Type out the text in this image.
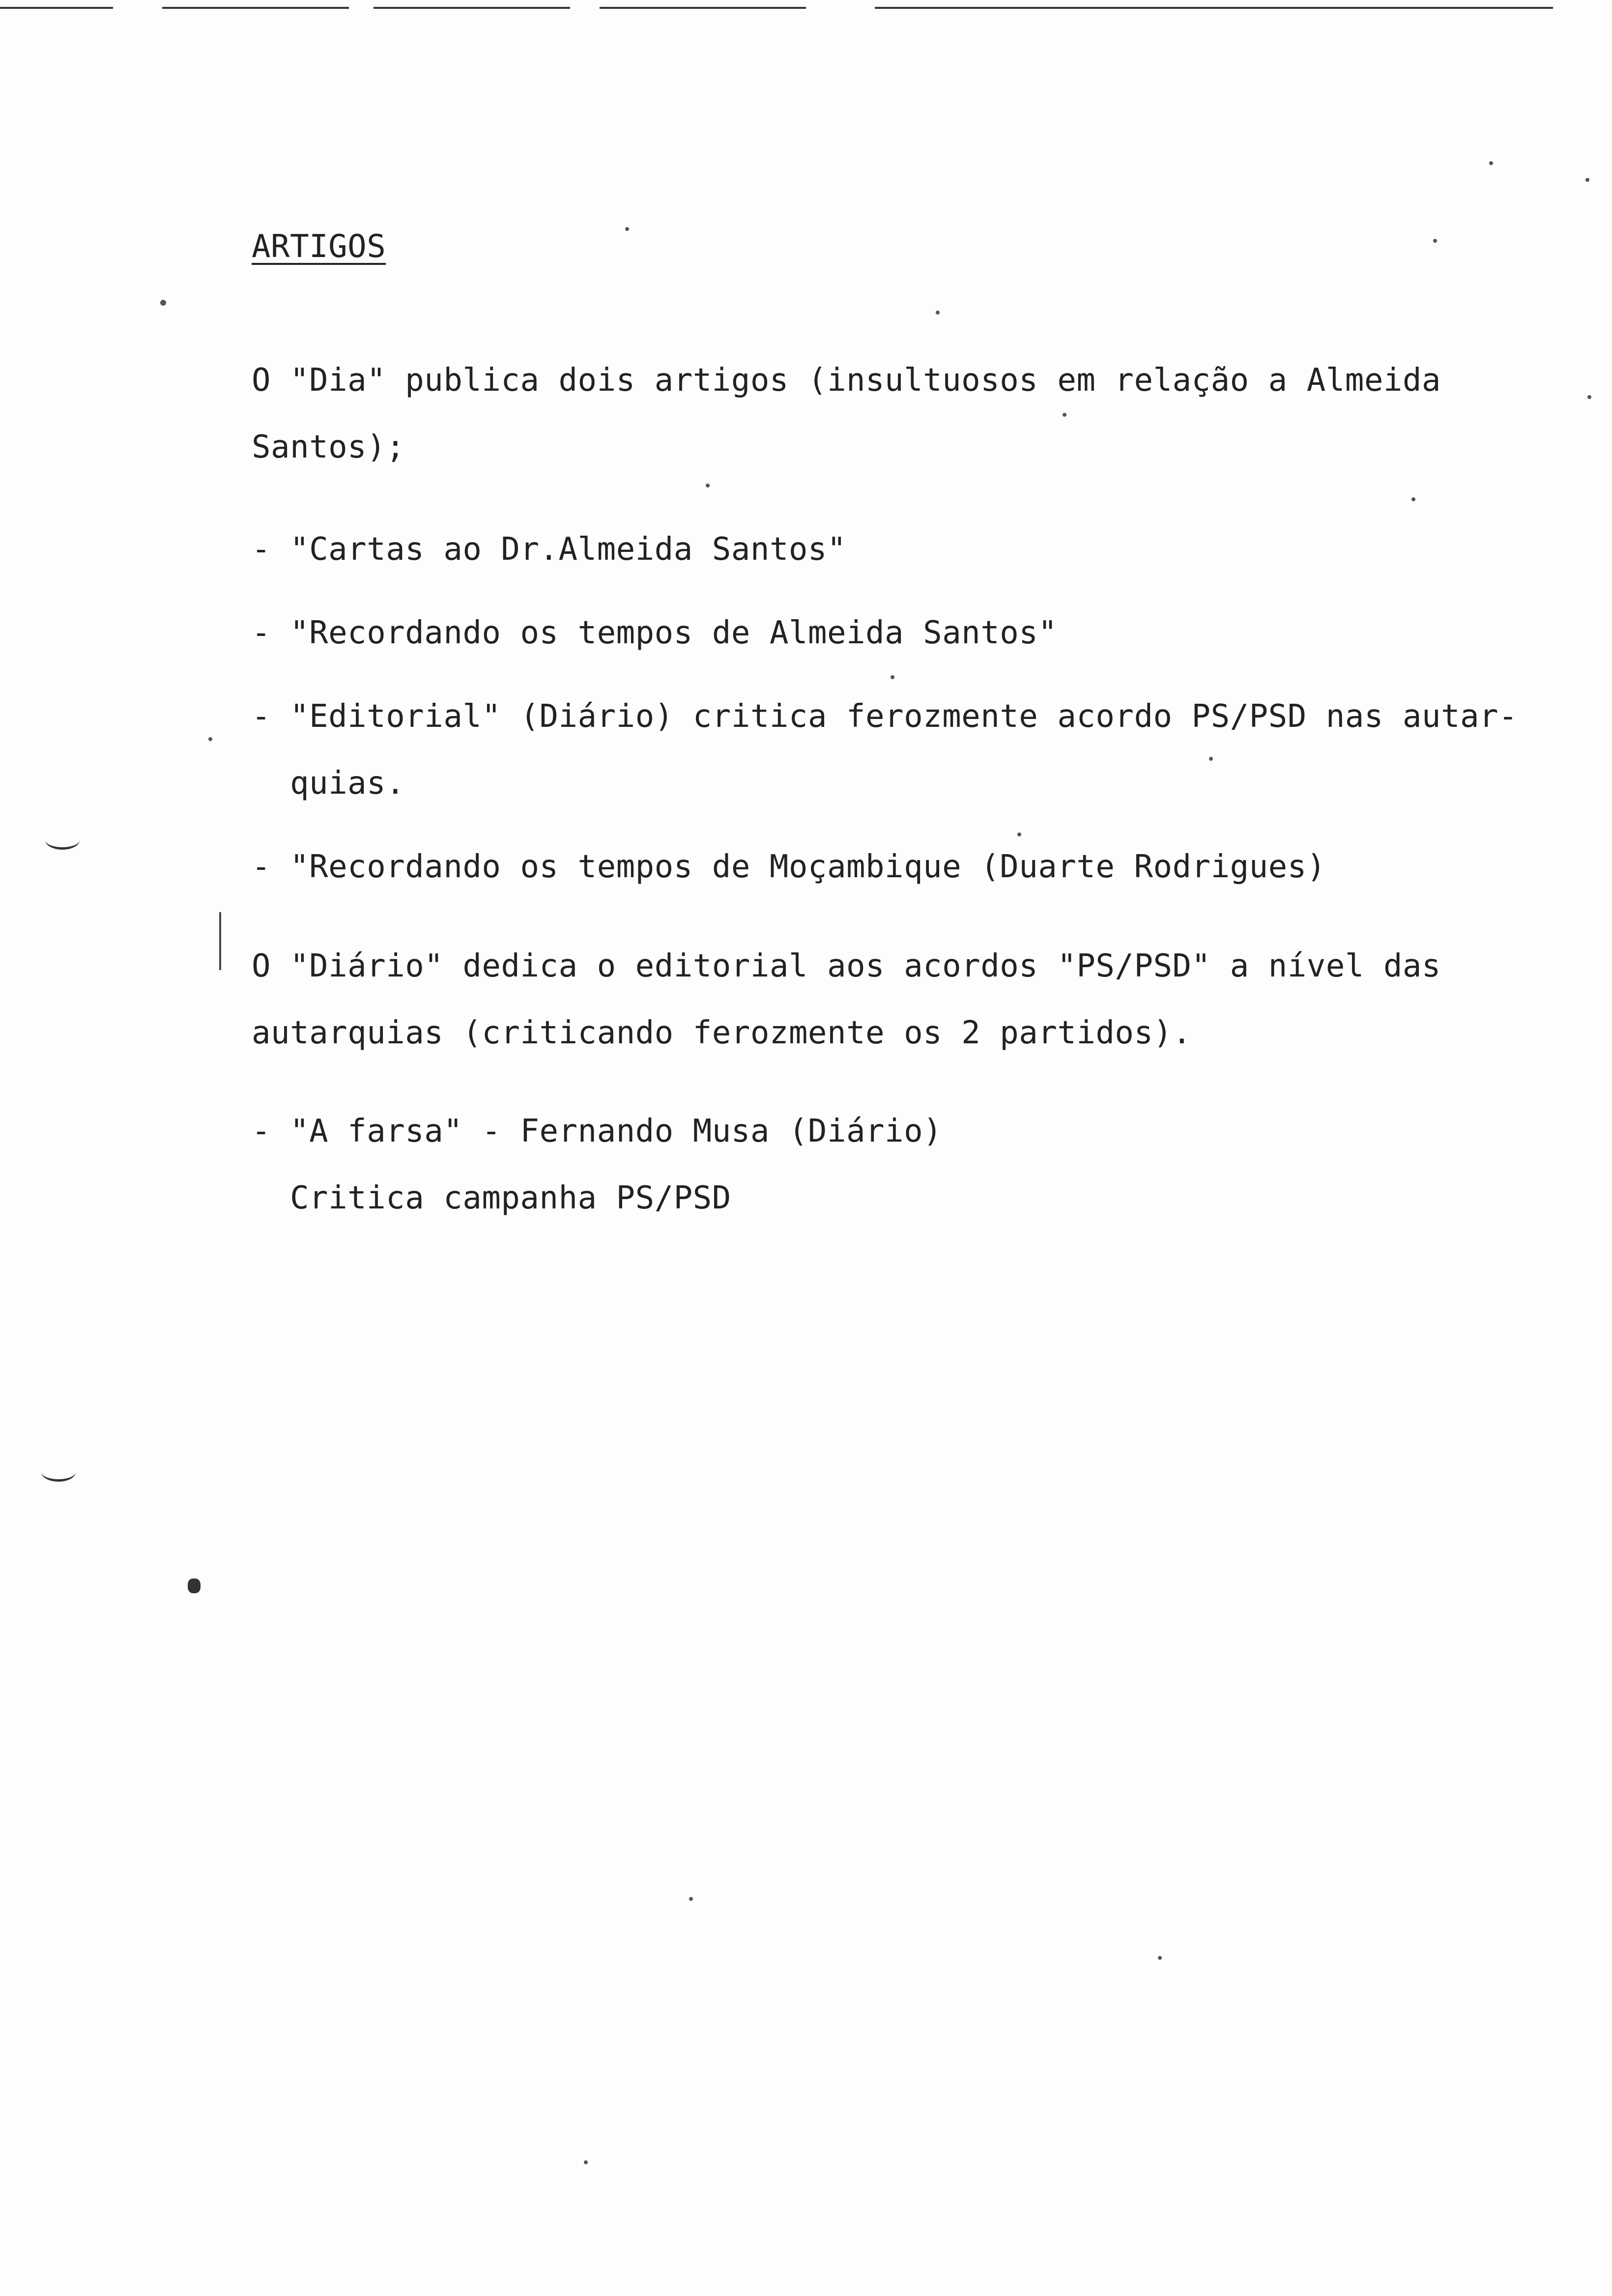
ARTIGOS
O "Dia" publica dois artigos (insultuosos em relação a Almeida
Santos);
- "Cartas ao Dr.Almeida Santos"
- "Recordando os tempos de Almeida Santos"
- "Editorial" (Diário) critica ferozmente acordo PS/PSD nas autar-
quias.
- "Recordando os tempos de Moçambique (Duarte Rodrigues)
O "Diário" dedica o editorial aos acordos "PS/PSD" a nível das
autarquias (criticando ferozmente os 2 partidos).
- "A farsa" - Fernando Musa (Diário)
Critica campanha PS/PSD
